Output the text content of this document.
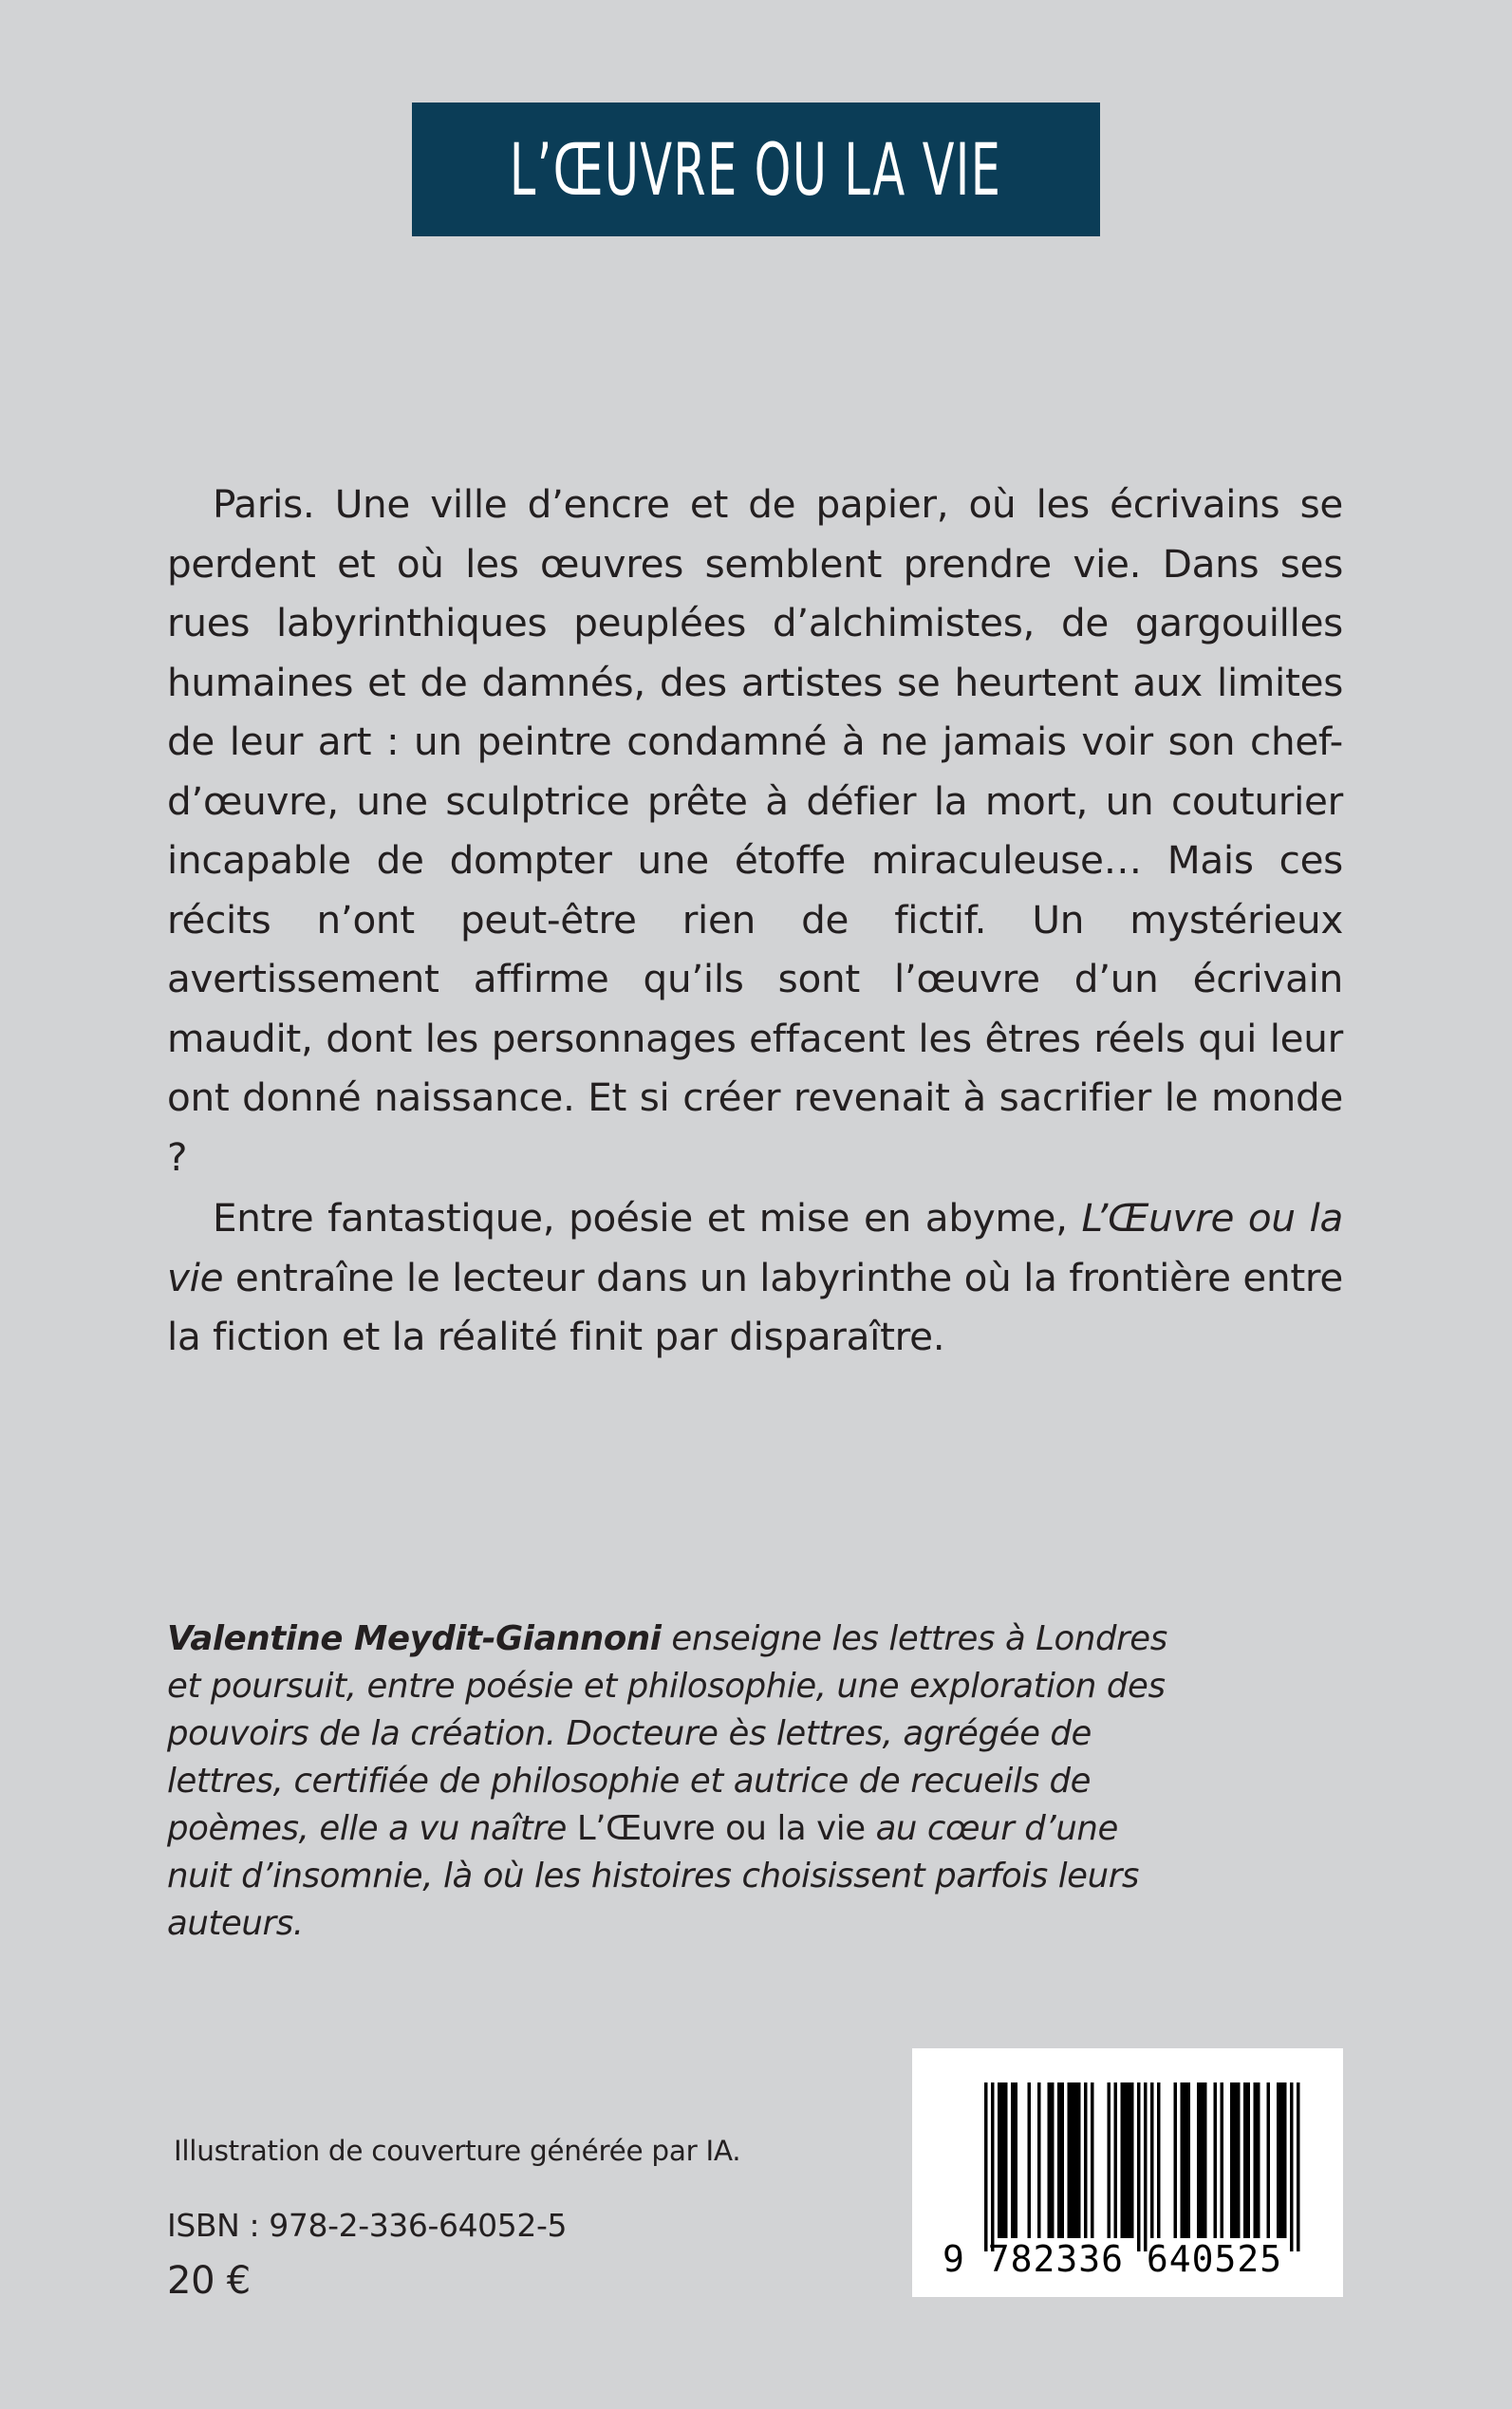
L’ŒUVRE OU LA VIE

Paris. Une ville d’encre et de papier, où les écrivains se perdent et où les œuvres semblent prendre vie. Dans ses rues labyrinthiques peuplées d’alchimistes, de gargouilles humaines et de damnés, des artistes se heurtent aux limites de leur art : un peintre condamné à ne jamais voir son chef-d’œuvre, une sculptrice prête à défier la mort, un couturier incapable de dompter une étoffe miraculeuse… Mais ces récits n’ont peut-être rien de fictif. Un mystérieux avertissement affirme qu’ils sont l’œuvre d’un écrivain maudit, dont les personnages effacent les êtres réels qui leur ont donné naissance. Et si créer revenait à sacrifier le monde ?

Entre fantastique, poésie et mise en abyme, L’Œuvre ou la vie entraîne le lecteur dans un labyrinthe où la frontière entre la fiction et la réalité finit par disparaître.

Valentine Meydit-Giannoni enseigne les lettres à Londres et poursuit, entre poésie et philosophie, une exploration des pouvoirs de la création. Docteure ès lettres, agrégée de lettres, certifiée de philosophie et autrice de recueils de poèmes, elle a vu naître L’Œuvre ou la vie au cœur d’une nuit d’insomnie, là où les histoires choisissent parfois leurs auteurs.

Illustration de couverture générée par IA.
ISBN : 978-2-336-64052-5
20 €	9 782336 640525
